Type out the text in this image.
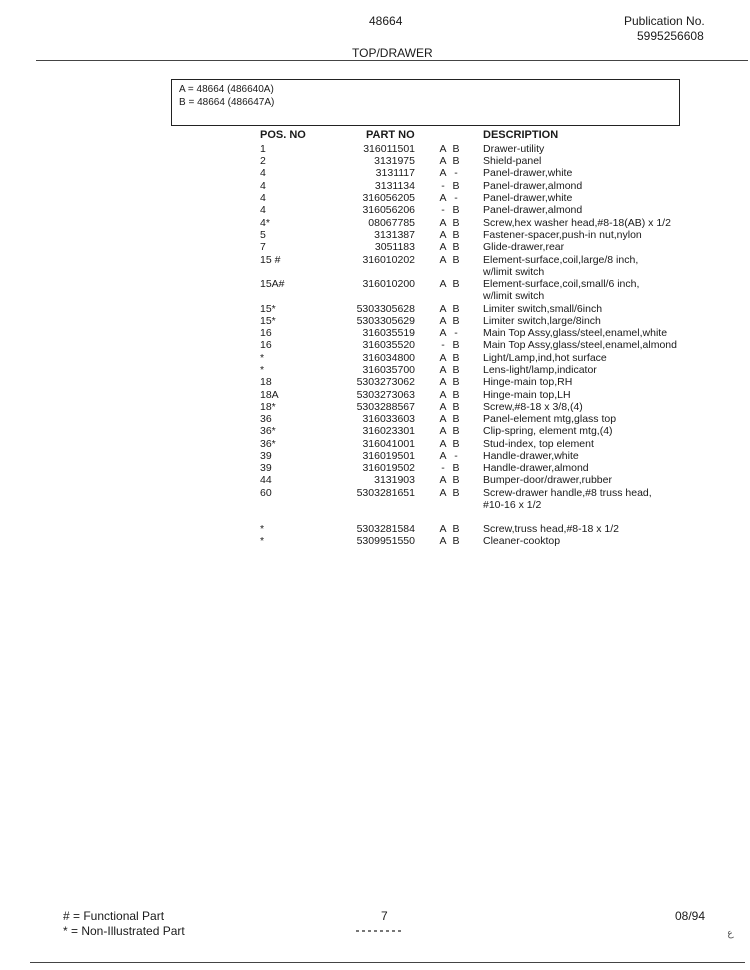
48664	Publication No.
5995256608
TOP/DRAWER
A = 48664 (486640A)
B = 48664 (486647A)
POS. NO	PART NO	DESCRIPTION
1	316011501 A B Drawer-utility
2	3131975 A B Shield-panel
4	3131117 A -	Panel-drawer,white
4	3131134	- B Panel-drawer,almond
4	316056205 A -	Panel-drawer,white
4	316056206	- B Panel-drawer,almond
4*	08067785 A B Screw,hex washer head,#8-18(AB) x 1/2
5	3131387 A B Fastener-spacer,push-in nut,nylon
7	3051183 A B Glide-drawer,rear
15 #	316010202 A B Element-surface,coil,large/8 inch,
w/limit switch
15A#	316010200 A B Element-surface,coil,small/6 inch,
w/limit switch
15*	5303305628 A B Limiter switch,small/6inch
15*	5303305629 A B Limiter switch,large/8inch
16	316035519 A -	Main Top Assy,glass/steel,enamel,white
16	316035520	- B Main Top Assy,glass/steel,enamel,almond
*	316034800 A B Light/Lamp,ind,hot surface
*	316035700 A B Lens-light/lamp,indicator
18	5303273062 A B Hinge-main top,RH
18A	5303273063 A B Hinge-main top,LH
18*	5303288567 A B Screw,#8-18 x 3/8,(4)
36	316033603 A B Panel-element mtg,glass top
36*	316023301 A B Clip-spring, element mtg,(4)
36*	316041001 A B Stud-index, top element
39	316019501 A -	Handle-drawer,white
39	316019502	- B Handle-drawer,almond
44	3131903 A B Bumper-door/drawer,rubber
60	5303281651 A B Screw-drawer handle,#8 truss head,
#10-16 x 1/2
*	5303281584 A B Screw,truss head,#8-18 x 1/2
*	5309951550 A B Cleaner-cooktop
# = Functional Part
* = Non-Illustrated Part
7	08/94
ع
